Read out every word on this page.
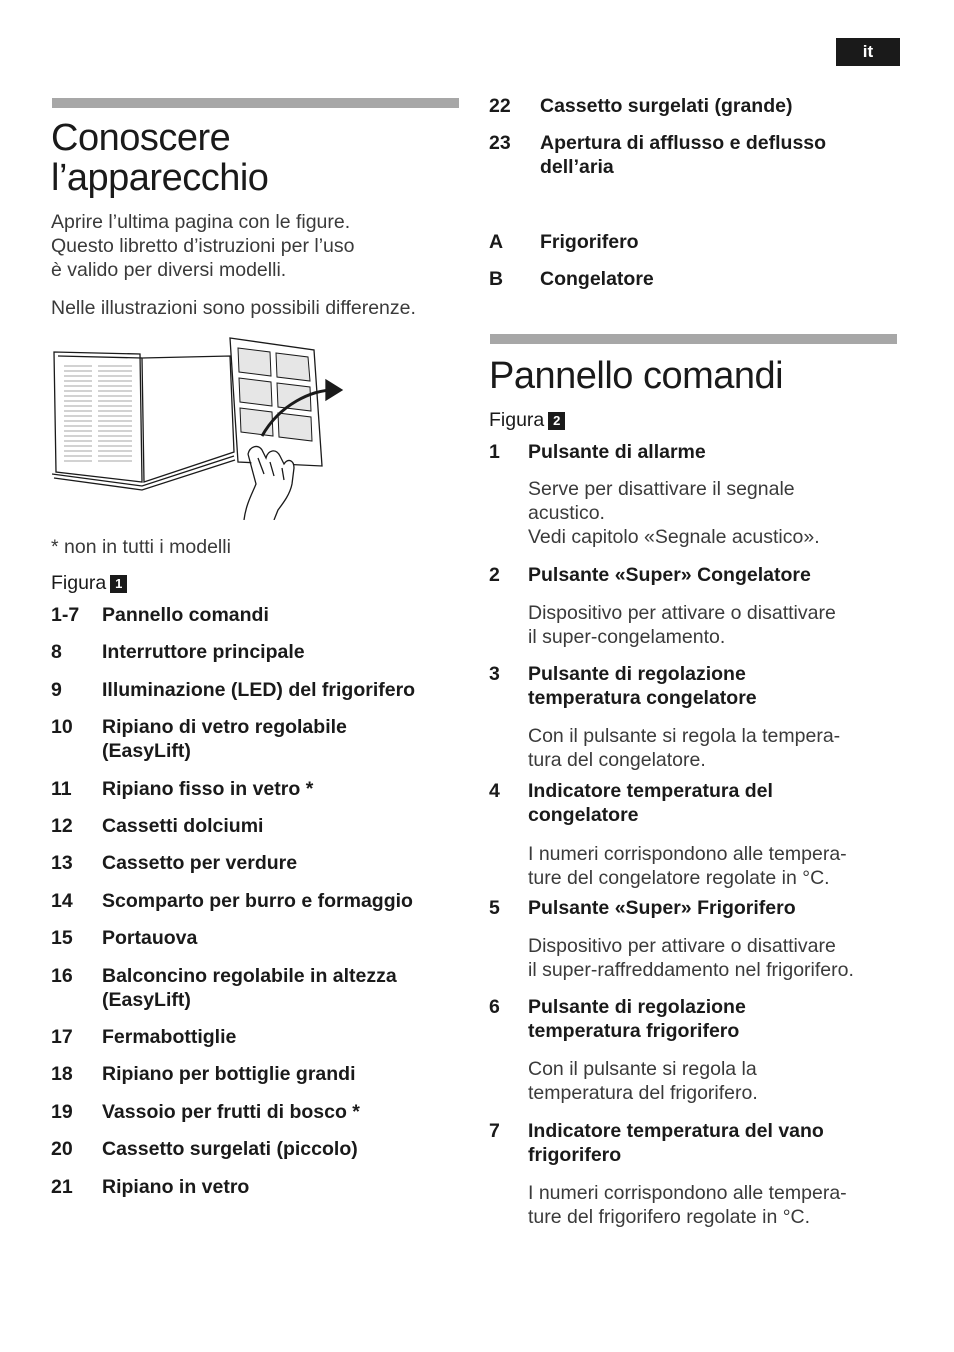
it
Conoscere
l’apparecchio

Aprire l’ultima pagina con le figure.
Questo libretto d’istruzioni per l’uso
è valido per diversi modelli.

Nelle illustrazioni sono possibili differenze.

* non in tutti i modelli

Figura 1
1-7 Pannello comandi
8 Interruttore principale
9 Illuminazione (LED) del frigorifero
10 Ripiano di vetro regolabile
(EasyLift)
11 Ripiano fisso in vetro *
12 Cassetti dolciumi
13 Cassetto per verdure
14 Scomparto per burro e formaggio
15 Portauova
16 Balconcino regolabile in altezza
(EasyLift)
17 Fermabottiglie
18 Ripiano per bottiglie grandi
19 Vassoio per frutti di bosco *
20 Cassetto surgelati (piccolo)
21 Ripiano in vetro
22 Cassetto surgelati (grande)
23 Apertura di afflusso e deflusso
dell’aria
A Frigorifero
B Congelatore
Pannello comandi
Figura 2
1 Pulsante di allarme
Serve per disattivare il segnale
acustico.
Vedi capitolo «Segnale acustico».
2 Pulsante «Super» Congelatore
Dispositivo per attivare o disattivare
il super-congelamento.
3 Pulsante di regolazione
temperatura congelatore
Con il pulsante si regola la tempera-
tura del congelatore.
4 Indicatore temperatura del
congelatore
I numeri corrispondono alle tempera-
ture del congelatore regolate in °C.
5 Pulsante «Super» Frigorifero
Dispositivo per attivare o disattivare
il super-raffreddamento nel frigorifero.
6 Pulsante di regolazione
temperatura frigorifero
Con il pulsante si regola la
temperatura del frigorifero.
7 Indicatore temperatura del vano
frigorifero
I numeri corrispondono alle tempera-
ture del frigorifero regolate in °C.
